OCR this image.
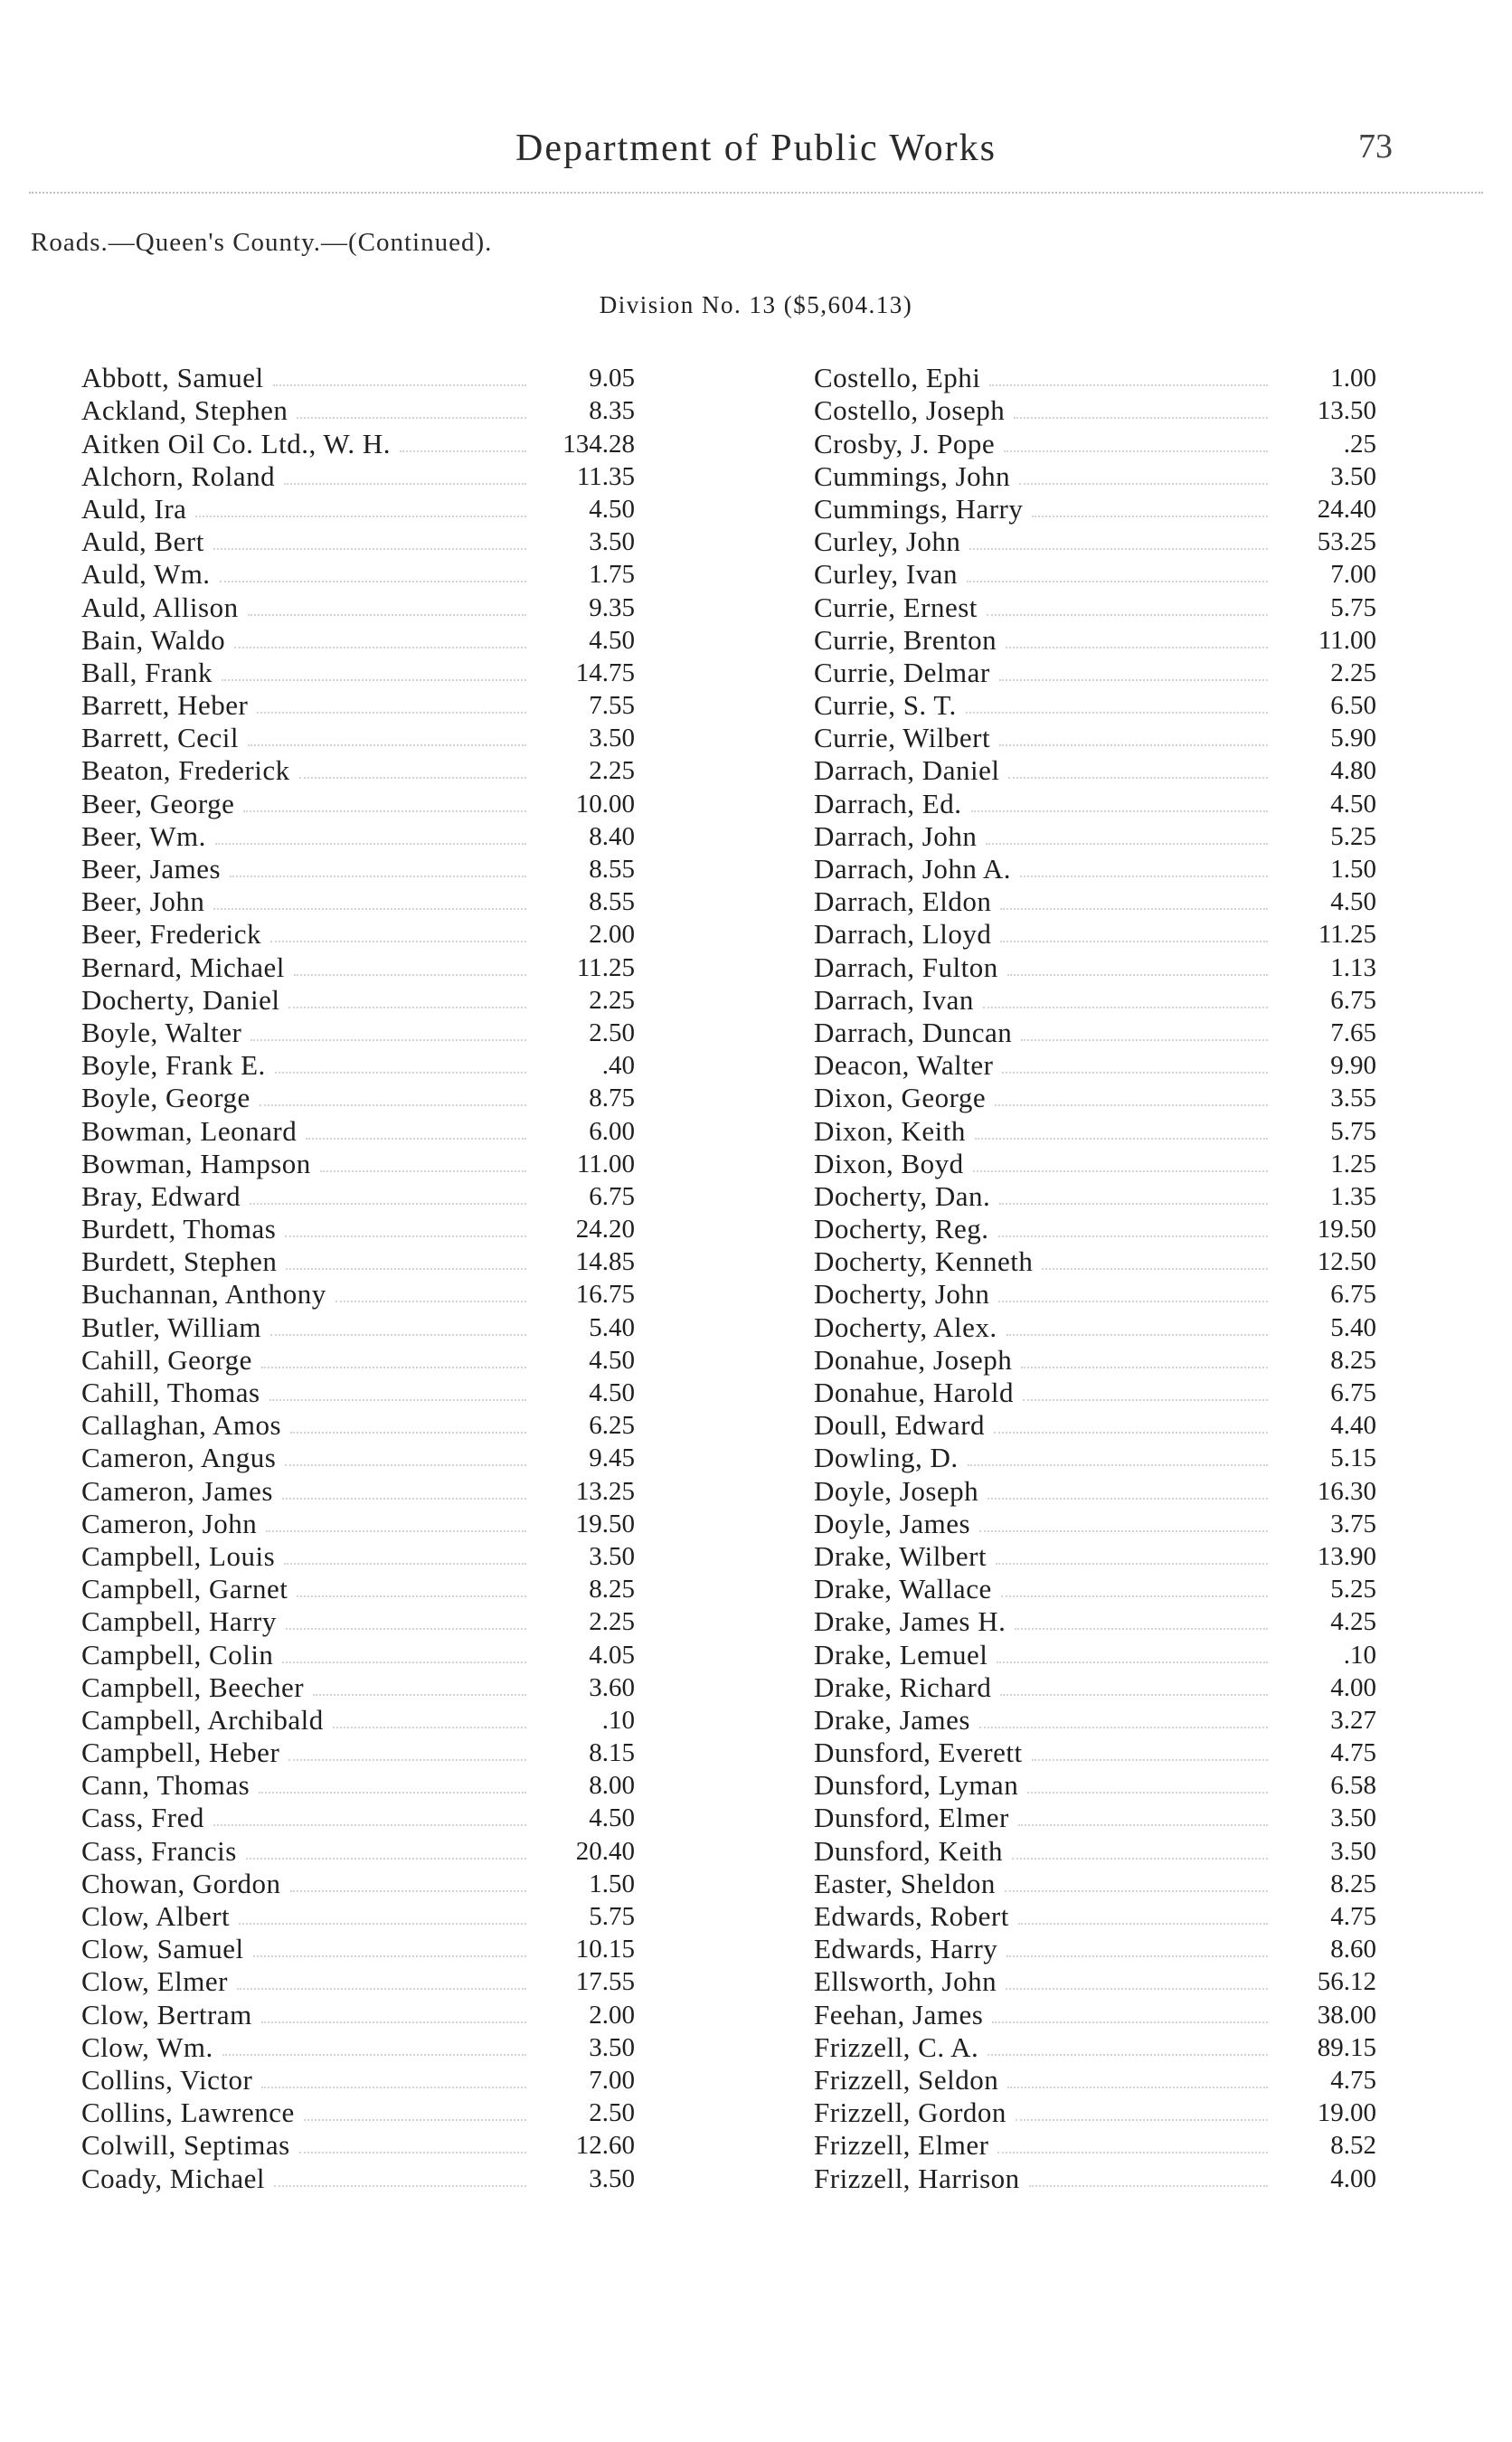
Department of Public Works	73
Roads.—Queen's County.—(Continued).
Division No. 13 ($5,604.13)
Abbott, Samuel	9.05
Ackland, Stephen	8.35
Aitken Oil Co. Ltd., W. H.	134.28
Alchorn, Roland	11.35
Auld, Ira	4.50
Auld, Bert	3.50
Auld, Wm.	1.75
Auld, Allison	9.35
Bain, Waldo	4.50
Ball, Frank	14.75
Barrett, Heber	7.55
Barrett, Cecil	3.50
Beaton, Frederick	2.25
Beer, George	10.00
Beer, Wm.	8.40
Beer, James	8.55
Beer, John	8.55
Beer, Frederick	2.00
Bernard, Michael	11.25
Docherty, Daniel	2.25
Boyle, Walter	2.50
Boyle, Frank E.	.40
Boyle, George	8.75
Bowman, Leonard	6.00
Bowman, Hampson	11.00
Bray, Edward	6.75
Burdett, Thomas	24.20
Burdett, Stephen	14.85
Buchannan, Anthony	16.75
Butler, William	5.40
Cahill, George	4.50
Cahill, Thomas	4.50
Callaghan, Amos	6.25
Cameron, Angus	9.45
Cameron, James	13.25
Cameron, John	19.50
Campbell, Louis	3.50
Campbell, Garnet	8.25
Campbell, Harry	2.25
Campbell, Colin	4.05
Campbell, Beecher	3.60
Campbell, Archibald	.10
Campbell, Heber	8.15
Cann, Thomas	8.00
Cass, Fred	4.50
Cass, Francis	20.40
Chowan, Gordon	1.50
Clow, Albert	5.75
Clow, Samuel	10.15
Clow, Elmer	17.55
Clow, Bertram	2.00
Clow, Wm.	3.50
Collins, Victor	7.00
Collins, Lawrence	2.50
Colwill, Septimas	12.60
Coady, Michael	3.50
Costello, Ephi	1.00
Costello, Joseph	13.50
Crosby, J. Pope	.25
Cummings, John	3.50
Cummings, Harry	24.40
Curley, John	53.25
Curley, Ivan	7.00
Currie, Ernest	5.75
Currie, Brenton	11.00
Currie, Delmar	2.25
Currie, S. T.	6.50
Currie, Wilbert	5.90
Darrach, Daniel	4.80
Darrach, Ed.	4.50
Darrach, John	5.25
Darrach, John A.	1.50
Darrach, Eldon	4.50
Darrach, Lloyd	11.25
Darrach, Fulton	1.13
Darrach, Ivan	6.75
Darrach, Duncan	7.65
Deacon, Walter	9.90
Dixon, George	3.55
Dixon, Keith	5.75
Dixon, Boyd	1.25
Docherty, Dan.	1.35
Docherty, Reg.	19.50
Docherty, Kenneth	12.50
Docherty, John	6.75
Docherty, Alex.	5.40
Donahue, Joseph	8.25
Donahue, Harold	6.75
Doull, Edward	4.40
Dowling, D.	5.15
Doyle, Joseph	16.30
Doyle, James	3.75
Drake, Wilbert	13.90
Drake, Wallace	5.25
Drake, James H.	4.25
Drake, Lemuel	.10
Drake, Richard	4.00
Drake, James	3.27
Dunsford, Everett	4.75
Dunsford, Lyman	6.58
Dunsford, Elmer	3.50
Dunsford, Keith	3.50
Easter, Sheldon	8.25
Edwards, Robert	4.75
Edwards, Harry	8.60
Ellsworth, John	56.12
Feehan, James	38.00
Frizzell, C. A.	89.15
Frizzell, Seldon	4.75
Frizzell, Gordon	19.00
Frizzell, Elmer	8.52
Frizzell, Harrison	4.00
